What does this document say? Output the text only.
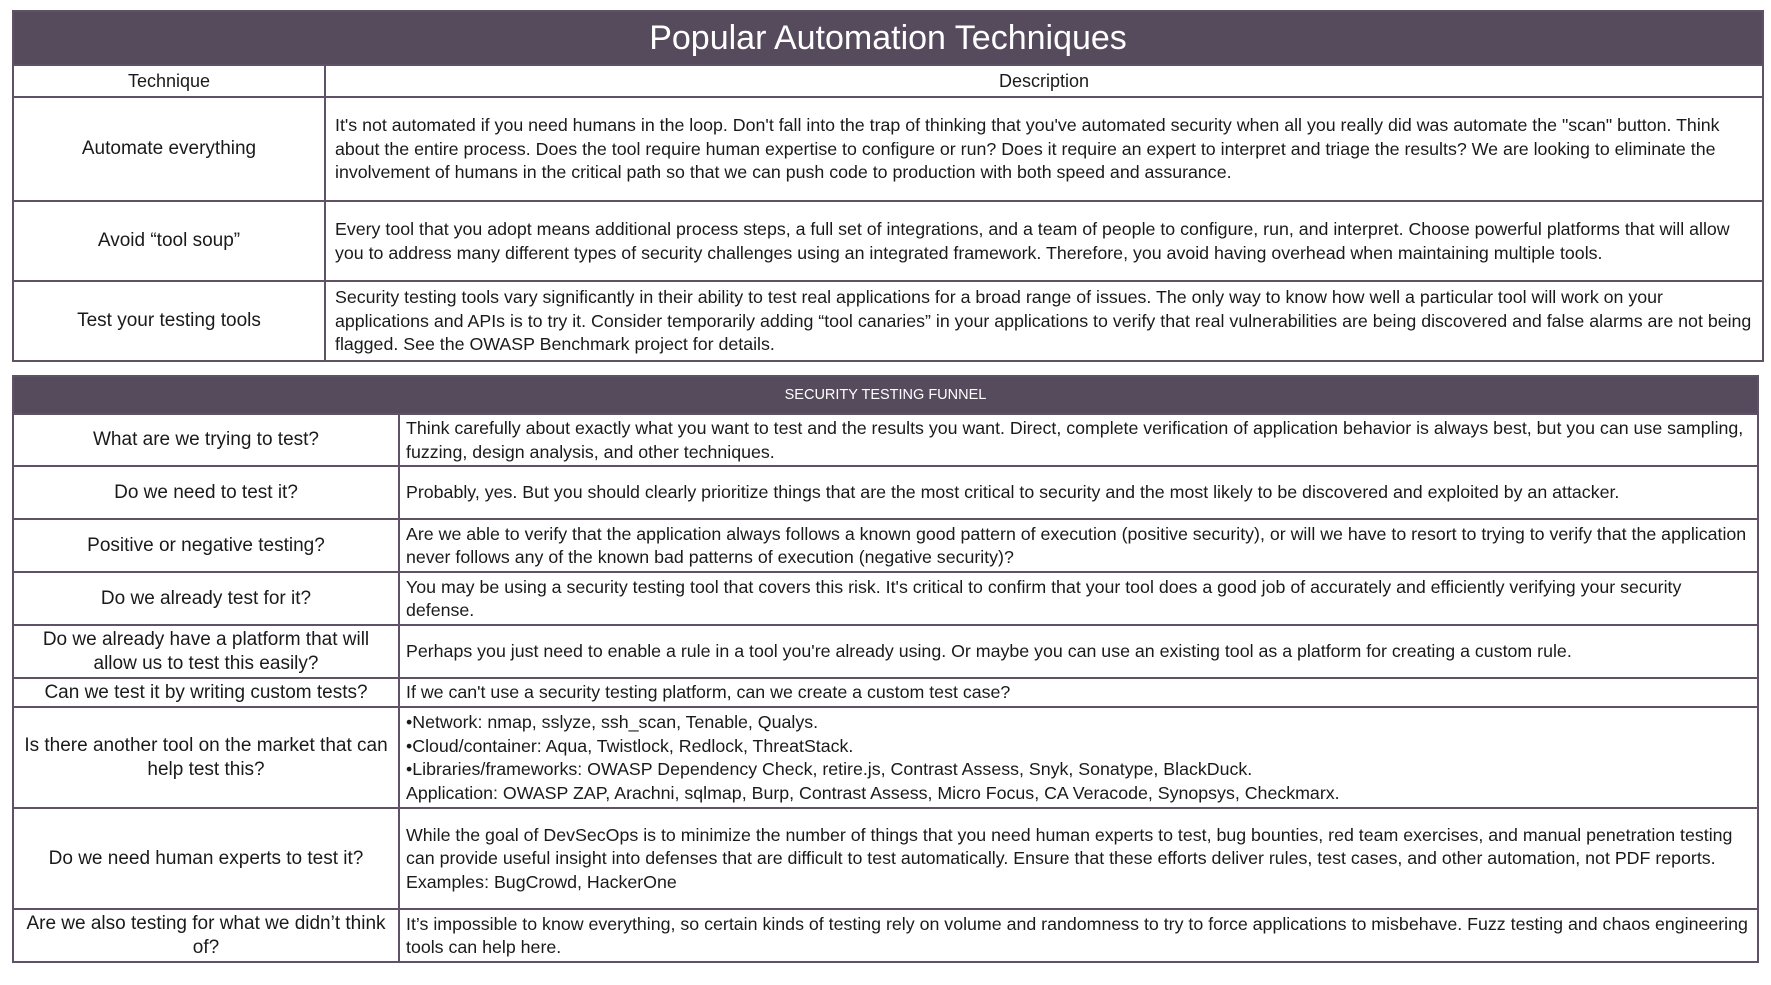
Popular Automation Techniques	
Technique	Description
Automate everything	It's not automated if you need humans in the loop. Don't fall into the trap of thinking that you've automated security when all you really did was automate the "scan" button. Think about the entire process. Does the tool require human expertise to configure or run? Does it require an expert to interpret and triage the results? We are looking to eliminate the involvement of humans in the critical path so that we can push code to production with both speed and assurance.
Avoid “tool soup”	Every tool that you adopt means additional process steps, a full set of integrations, and a team of people to configure, run, and interpret. Choose powerful platforms that will allow you to address many different types of security challenges using an integrated framework. Therefore, you avoid having overhead when maintaining multiple tools.
Test your testing tools	Security testing tools vary significantly in their ability to test real applications for a broad range of issues. The only way to know how well a particular tool will work on your applications and APIs is to try it. Consider temporarily adding “tool canaries” in your applications to verify that real vulnerabilities are being discovered and false alarms are not being flagged. See the OWASP Benchmark project for details.
SECURITY TESTING FUNNEL	
What are we trying to test?	Think carefully about exactly what you want to test and the results you want. Direct, complete verification of application behavior is always best, but you can use sampling, fuzzing, design analysis, and other techniques.
Do we need to test it?	Probably, yes. But you should clearly prioritize things that are the most critical to security and the most likely to be discovered and exploited by an attacker.
Positive or negative testing?	Are we able to verify that the application always follows a known good pattern of execution (positive security), or will we have to resort to trying to verify that the application never follows any of the known bad patterns of execution (negative security)?
Do we already test for it?	You may be using a security testing tool that covers this risk. It's critical to confirm that your tool does a good job of accurately and efficiently verifying your security defense.
Do we already have a platform that will allow us to test this easily?	Perhaps you just need to enable a rule in a tool you're already using. Or maybe you can use an existing tool as a platform for creating a custom rule.
Can we test it by writing custom tests?	If we can't use a security testing platform, can we create a custom test case?
Is there another tool on the market that can help test this?	•Network: nmap, sslyze, ssh_scan, Tenable, Qualys.
•Cloud/container: Aqua, Twistlock, Redlock, ThreatStack.
•Libraries/frameworks: OWASP Dependency Check, retire.js, Contrast Assess, Snyk, Sonatype, BlackDuck.
Application: OWASP ZAP, Arachni, sqlmap, Burp, Contrast Assess, Micro Focus, CA Veracode, Synopsys, Checkmarx.

Do we need human experts to test it?	While the goal of DevSecOps is to minimize the number of things that you need human experts to test, bug bounties, red team exercises, and manual penetration testing can provide useful insight into defenses that are difficult to test automatically. Ensure that these efforts deliver rules, test cases, and other automation, not PDF reports.
Examples: BugCrowd, HackerOne

Are we also testing for what we didn’t think of?	It’s impossible to know everything, so certain kinds of testing rely on volume and randomness to try to force applications to misbehave. Fuzz testing and chaos engineering tools can help here.
